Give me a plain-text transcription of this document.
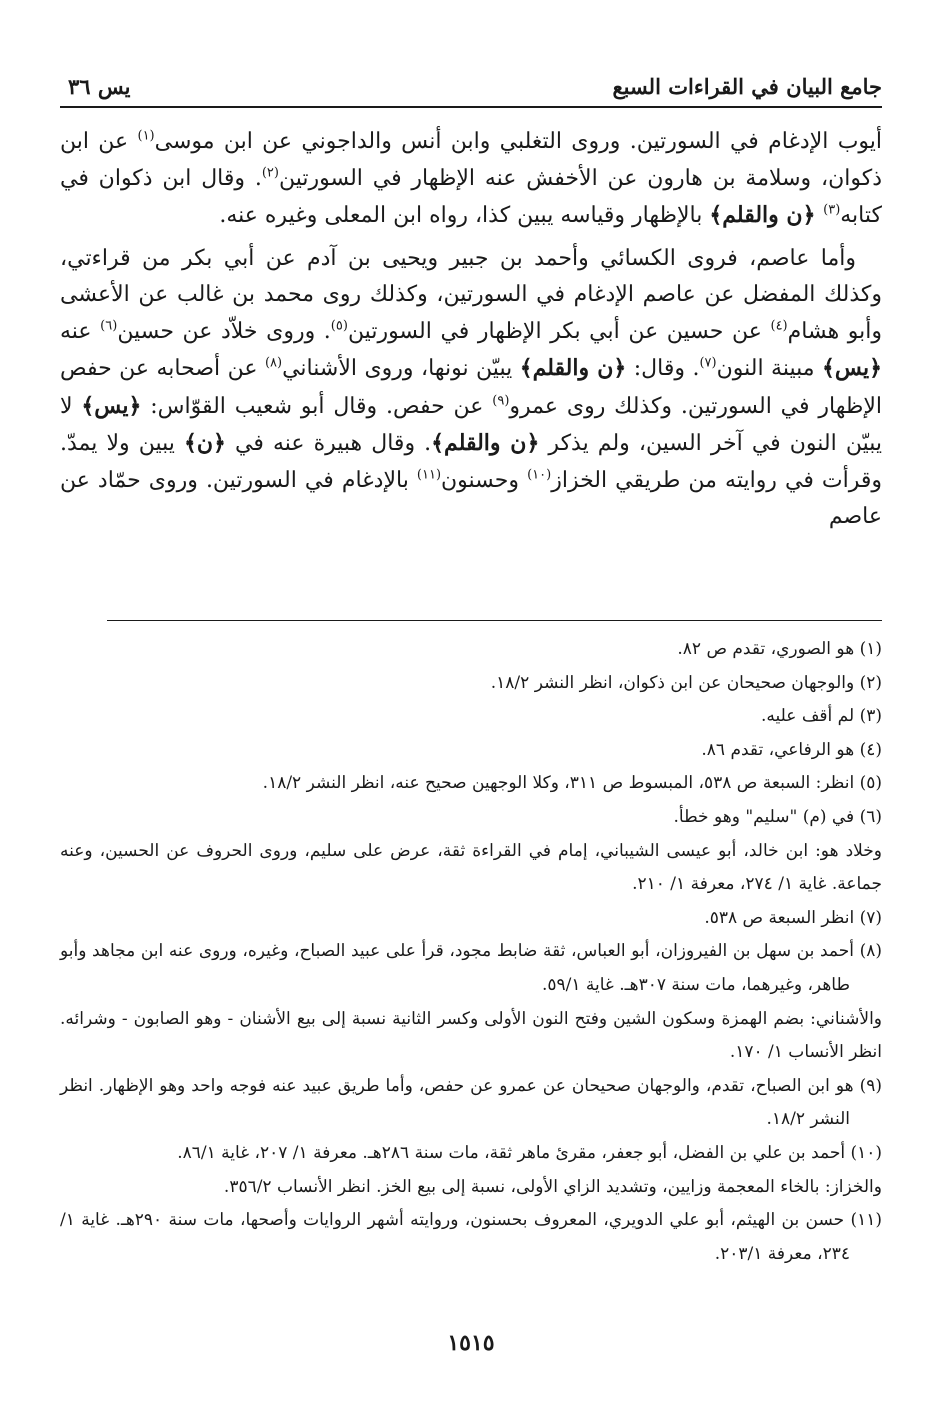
جامع البيان في القراءات السبع
يس ٣٦

أيوب الإدغام في السورتين. وروى التغلبي وابن أنس والداجوني عن ابن موسى$^{(١)}$ عن ابن ذكوان، وسلامة بن هارون عن الأخفش عنه الإظهار في السورتين$^{(٢)}$. وقال ابن ذكوان في كتابه$^{(٣)}$ ﴿ن والقلم﴾ بالإظهار وقياسه يبين كذا، رواه ابن المعلى وغيره عنه.

وأما عاصم، فروى الكسائي وأحمد بن جبير ويحيى بن آدم عن أبي بكر من قراءتي، وكذلك المفضل عن عاصم الإدغام في السورتين، وكذلك روى محمد بن غالب عن الأعشى وأبو هشام$^{(٤)}$ عن حسين عن أبي بكر الإظهار في السورتين$^{(٥)}$. وروى خلاّد عن حسين$^{(٦)}$ عنه ﴿يس﴾ مبينة النون$^{(٧)}$. وقال: ﴿ن والقلم﴾ يبيّن نونها، وروى الأشناني$^{(٨)}$ عن أصحابه عن حفص الإظهار في السورتين. وكذلك روى عمرو$^{(٩)}$ عن حفص. وقال أبو شعيب القوّاس: ﴿يس﴾ لا يبيّن النون في آخر السين، ولم يذكر ﴿ن والقلم﴾. وقال هبيرة عنه في ﴿ن﴾ يبين ولا يمدّ. وقرأت في روايته من طريقي الخزاز$^{(١٠)}$ وحسنون$^{(١١)}$ بالإدغام في السورتين. وروى حمّاد عن عاصم

(١) هو الصوري، تقدم ص ٨٢.

(٢) والوجهان صحيحان عن ابن ذكوان، انظر النشر ١٨/٢.

(٣) لم أقف عليه.

(٤) هو الرفاعي، تقدم ٨٦.

(٥) انظر: السبعة ص ٥٣٨، المبسوط ص ٣١١، وكلا الوجهين صحيح عنه، انظر النشر ١٨/٢.

(٦) في (م) "سليم" وهو خطأ.

وخلاد هو: ابن خالد، أبو عيسى الشيباني، إمام في القراءة ثقة، عرض على سليم، وروى الحروف عن الحسين، وعنه جماعة. غاية ١/ ٢٧٤، معرفة ١/ ٢١٠.

(٧) انظر السبعة ص ٥٣٨.

(٨) أحمد بن سهل بن الفيروزان، أبو العباس، ثقة ضابط مجود، قرأ على عبيد الصباح، وغيره، وروى عنه ابن مجاهد وأبو طاهر، وغيرهما، مات سنة ٣٠٧هـ. غاية ٥٩/١.

والأشناني: بضم الهمزة وسكون الشين وفتح النون الأولى وكسر الثانية نسبة إلى بيع الأشنان - وهو الصابون - وشرائه. انظر الأنساب ١/ ١٧٠.

(٩) هو ابن الصباح، تقدم، والوجهان صحيحان عن عمرو عن حفص، وأما طريق عبيد عنه فوجه واحد وهو الإظهار. انظر النشر ١٨/٢.

(١٠) أحمد بن علي بن الفضل، أبو جعفر، مقرئ ماهر ثقة، مات سنة ٢٨٦هـ. معرفة ١/ ٢٠٧، غاية ٨٦/١.

والخزاز: بالخاء المعجمة وزايين، وتشديد الزاي الأولى، نسبة إلى بيع الخز. انظر الأنساب ٣٥٦/٢.

(١١) حسن بن الهيثم، أبو علي الدويري، المعروف بحسنون، وروايته أشهر الروايات وأصحها، مات سنة ٢٩٠هـ. غاية ١/ ٢٣٤، معرفة ٢٠٣/١.

١٥١٥
